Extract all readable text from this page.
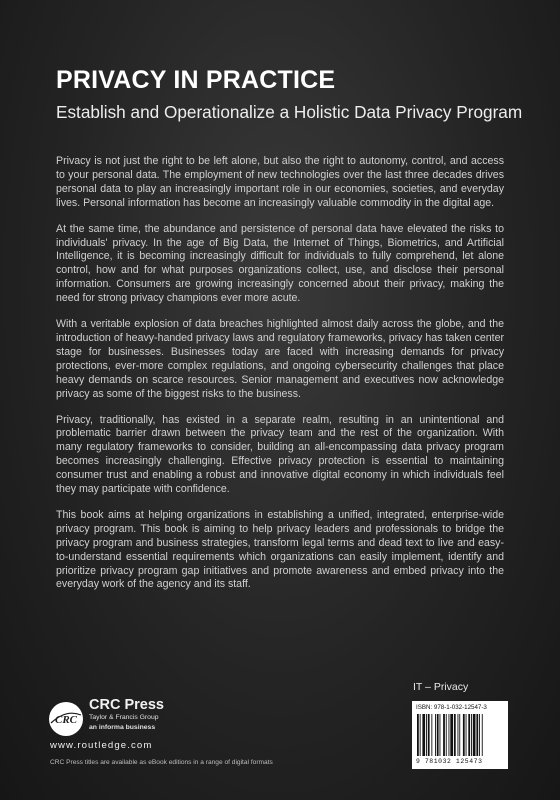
PRIVACY IN PRACTICE
Establish and Operationalize a Holistic Data Privacy Program

Privacy is not just the right to be left alone, but also the right to autonomy, control, and access to your personal data. The employment of new technologies over the last three decades drives personal data to play an increasingly important role in our economies, societies, and everyday lives. Personal information has become an increasingly valuable commodity in the digital age.

At the same time, the abundance and persistence of personal data have elevated the risks to individuals' privacy. In the age of Big Data, the Internet of Things, Biometrics, and Artificial Intelligence, it is becoming increasingly difficult for individuals to fully comprehend, let alone control, how and for what purposes organizations collect, use, and disclose their personal information. Consumers are growing increasingly concerned about their privacy, making the need for strong privacy champions ever more acute.

With a veritable explosion of data breaches highlighted almost daily across the globe, and the introduction of heavy-handed privacy laws and regulatory frameworks, privacy has taken center stage for businesses. Businesses today are faced with increasing demands for privacy protections, ever-more complex regulations, and ongoing cybersecurity challenges that place heavy demands on scarce resources. Senior management and executives now acknowledge privacy as some of the biggest risks to the business.

Privacy, traditionally, has existed in a separate realm, resulting in an unintentional and problematic barrier drawn between the privacy team and the rest of the organization. With many regulatory frameworks to consider, building an all-encompassing data privacy program becomes increasingly challenging. Effective privacy protection is essential to maintaining consumer trust and enabling a robust and innovative digital economy in which individuals feel they may participate with confidence.

This book aims at helping organizations in establishing a unified, integrated, enterprise-wide privacy program. This book is aiming to help privacy leaders and professionals to bridge the privacy program and business strategies, transform legal terms and dead text to live and easy-to-understand essential requirements which organizations can easily implement, identify and prioritize privacy program gap initiatives and promote awareness and embed privacy into the everyday work of the agency and its staff.

IT – Privacy
ISBN: 978-1-032-12547-3
9 781032 125473
CRC
CRC Press
Taylor & Francis Group
an informa business
www.routledge.com
CRC Press titles are available as eBook editions in a range of digital formats
